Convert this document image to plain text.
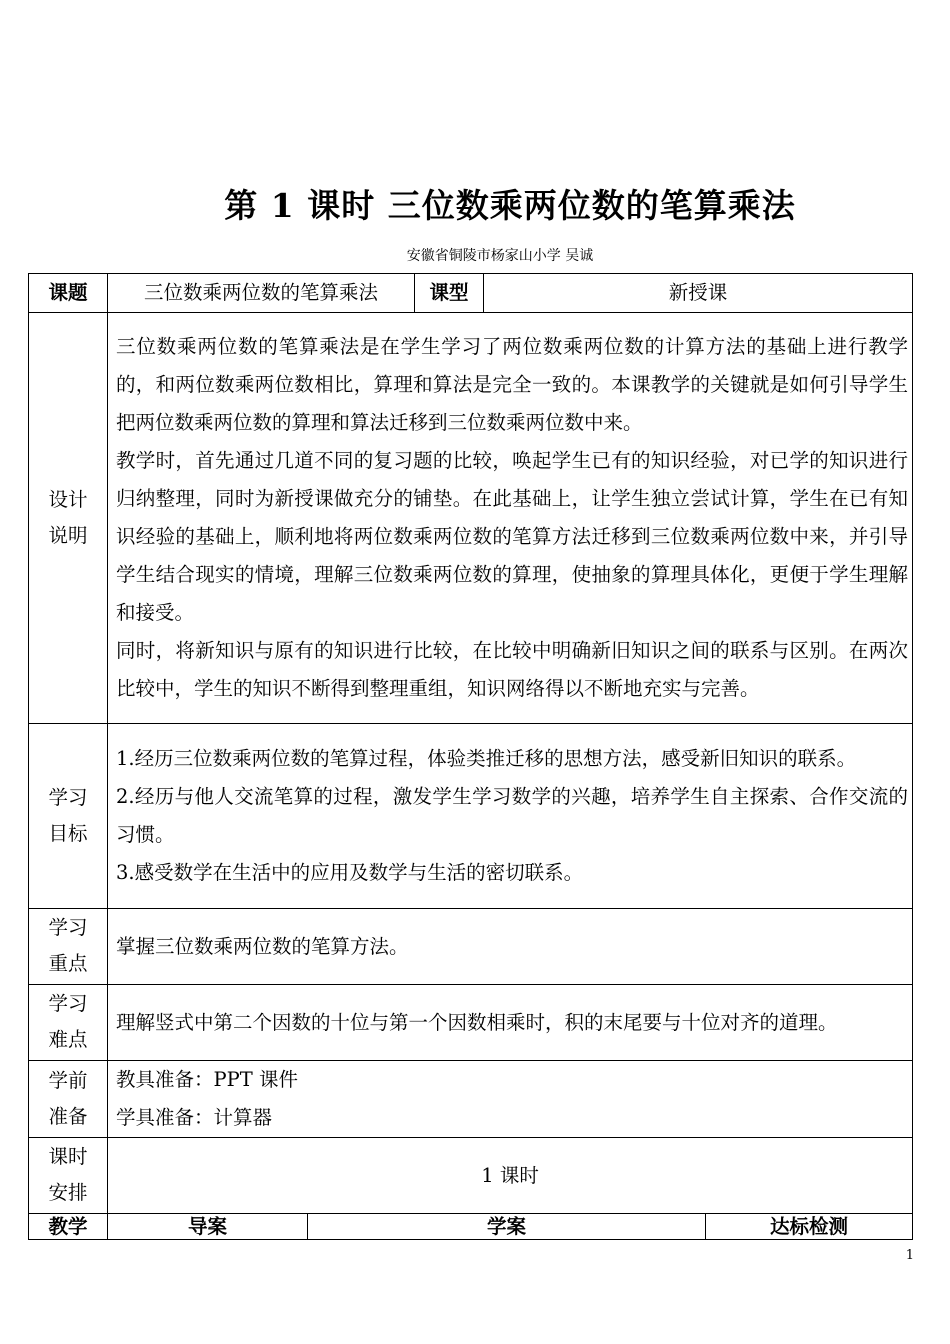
第 1 课时 三位数乘两位数的笔算乘法
安徽省铜陵市杨家山小学 吴诚
课题	三位数乘两位数的笔算乘法		课型	新授课	
设计说明	三位数乘两位数的笔算乘法是在学生学习了两位数乘两位数的计算方法的基础上进行教学的，和两位数乘两位数相比，算理和算法是完全一致的。本课教学的关键就是如何引导学生把两位数乘两位数的算理和算法迁移到三位数乘两位数中来。

教学时，首先通过几道不同的复习题的比较，唤起学生已有的知识经验，对已学的知识进行归纳整理，同时为新授课做充分的铺垫。在此基础上，让学生独立尝试计算，学生在已有知识经验的基础上，顺利地将两位数乘两位数的笔算方法迁移到三位数乘两位数中来，并引导学生结合现实的情境，理解三位数乘两位数的算理，使抽象的算理具体化，更便于学生理解和接受。

同时，将新知识与原有的知识进行比较，在比较中明确新旧知识之间的联系与区别。在两次比较中，学生的知识不断得到整理重组，知识网络得以不断地充实与完善。				

学习目标	1.经历三位数乘两位数的笔算过程，体验类推迁移的思想方法，感受新旧知识的联系。

2.经历与他人交流笔算的过程，激发学生学习数学的兴趣，培养学生自主探索、合作交流的习惯。

3.感受数学在生活中的应用及数学与生活的密切联系。				

学习重点	掌握三位数乘两位数的笔算方法。				
学习难点	理解竖式中第二个因数的十位与第一个因数相乘时，积的末尾要与十位对齐的道理。				
学前准备	教具准备：PPT 课件

学具准备：计算器				

课时安排	1 课时				
教学	导案	学案			达标检测
1
